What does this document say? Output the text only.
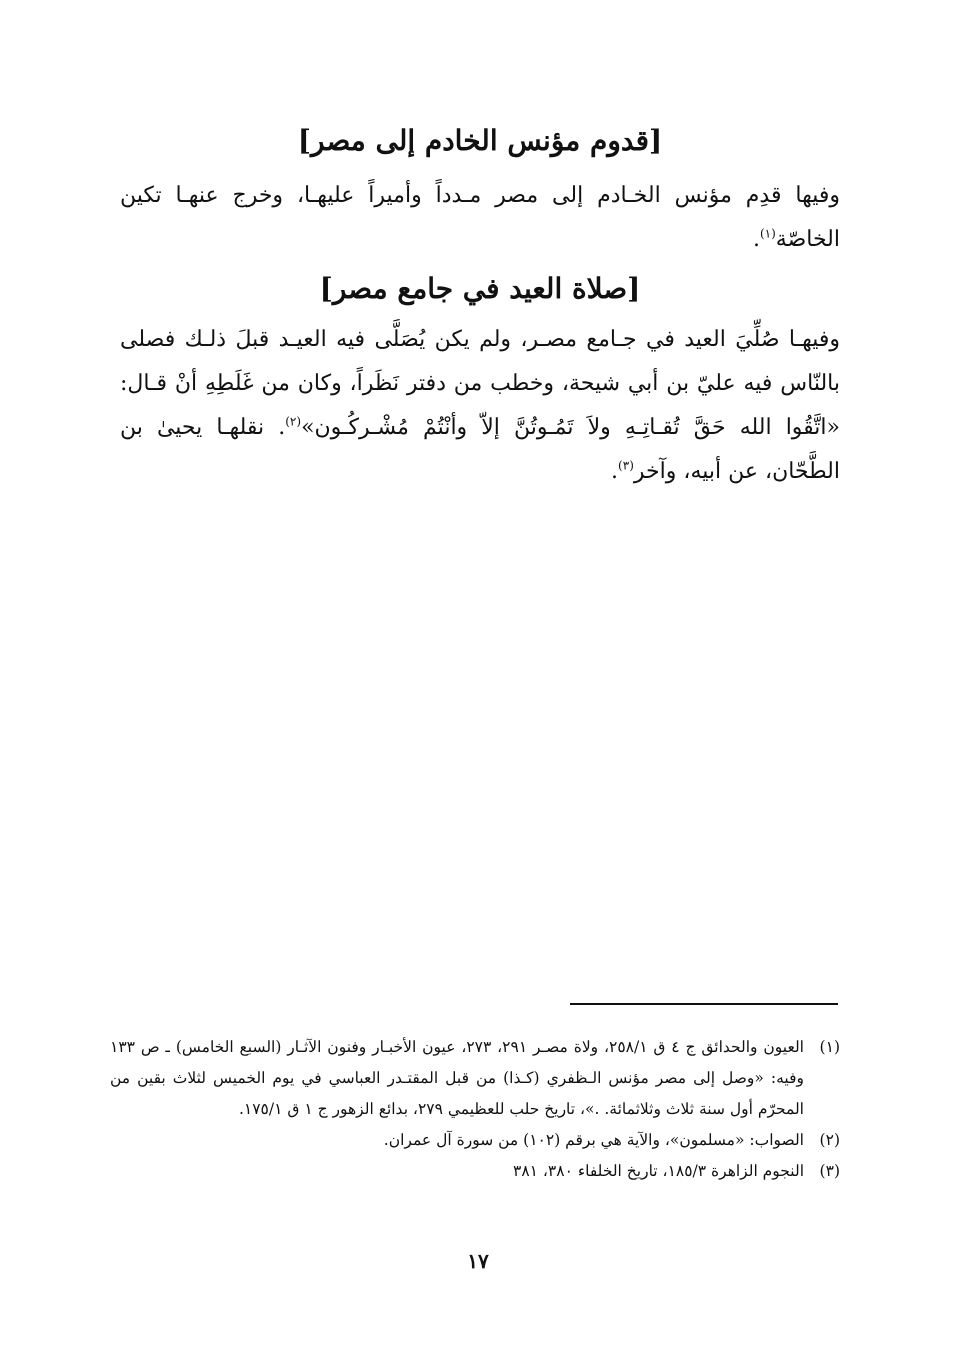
[قدوم مؤنس الخادم إلى مصر]

وفيها قدِم مؤنس الخـادم إلى مصر مـدداً وأميراً عليهـا، وخرج عنهـا تكين الخاصّة$^{(١)}$.

[صلاة العيد في جامع مصر]

وفيهـا صُلِّيَ العيد في جـامع مصـر، ولم يكن يُصَلَّى فيه العيـد قبلَ ذلـك فصلى بالنّاس فيه عليّ بن أبي شيحة، وخطب من دفتر نَظَراً، وكان من غَلَطِهِ أنْ قـال: «اتَّقُوا الله حَقَّ تُقـاتِـهِ ولاَ تَمُـوتُنَّ إلاّ وأنْتُمْ مُشْـركُـون»$^{(٢)}$. نقلهـا يحيىٰ بن الطَّحّان، عن أبيه، وآخر$^{(٣)}$.

(١)
العيون والحدائق ج ٤ ق ٢٥٨/١، ولاة مصـر ٢٩١، ٢٧٣، عيون الأخبـار وفنون الآثـار (السبع الخامس) ـ ص ١٣٣ وفيه: «وصل إلى مصر مؤنس الـظفري (كـذا) من قبل المقتـدر العباسي في يوم الخميس لثلاث بقين من المحرّم أول سنة ثلاث وثلاثمائة. .»، تاريخ حلب للعظيمي ٢٧٩، بدائع الزهور ج ١ ق ١٧٥/١.
(٢)
الصواب: «مسلمون»، والآية هي برقم (١٠٢) من سورة آل عمران.
(٣)
النجوم الزاهرة ١٨٥/٣، تاريخ الخلفاء ٣٨٠، ٣٨١
١٧
